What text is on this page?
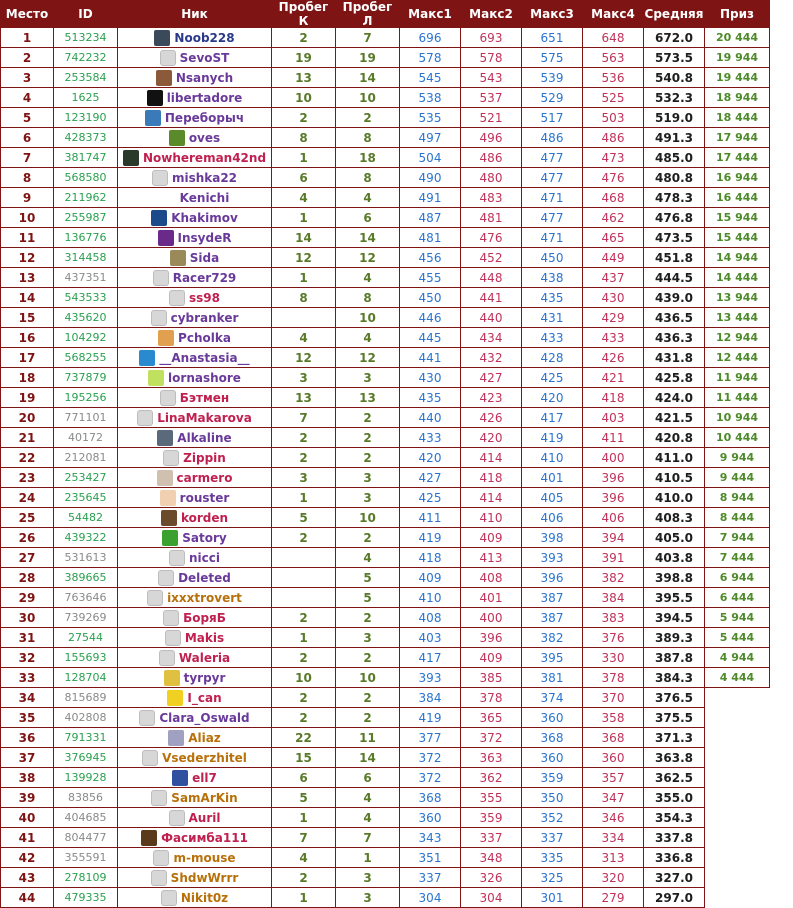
Место	ID	Ник	Пробег К	Пробег Л	Макс1	Макс2	Макс3	Макс4	Средняя	Приз
1	513234	Noob228	2	7	696	693	651	648	672.0	20 444
2	742232	SevoST	19	19	578	578	575	563	573.5	19 944
3	253584	Nsanych	13	14	545	543	539	536	540.8	19 444
4	1625	libertadore	10	10	538	537	529	525	532.3	18 944
5	123190	Переборыч	2	2	535	521	517	503	519.0	18 444
6	428373	oves	8	8	497	496	486	486	491.3	17 944
7	381747	Nowhereman42nd	1	18	504	486	477	473	485.0	17 444
8	568580	mishka22	6	8	490	480	477	476	480.8	16 944
9	211962	Kenichi	4	4	491	483	471	468	478.3	16 444
10	255987	Khakimov	1	6	487	481	477	462	476.8	15 944
11	136776	InsydeR	14	14	481	476	471	465	473.5	15 444
12	314458	Sida	12	12	456	452	450	449	451.8	14 944
13	437351	Racer729	1	4	455	448	438	437	444.5	14 444
14	543533	ss98	8	8	450	441	435	430	439.0	13 944
15	435620	cybranker		10	446	440	431	429	436.5	13 444
16	104292	Pcholka	4	4	445	434	433	433	436.3	12 944
17	568255	__Anastasia__	12	12	441	432	428	426	431.8	12 444
18	737879	lornashore	3	3	430	427	425	421	425.8	11 944
19	195256	Бэтмен	13	13	435	423	420	418	424.0	11 444
20	771101	LinaMakarova	7	2	440	426	417	403	421.5	10 944
21	40172	Alkaline	2	2	433	420	419	411	420.8	10 444
22	212081	Zippin	2	2	420	414	410	400	411.0	9 944
23	253427	carmero	3	3	427	418	401	396	410.5	9 444
24	235645	rouster	1	3	425	414	405	396	410.0	8 944
25	54482	korden	5	10	411	410	406	406	408.3	8 444
26	439322	Satory	2	2	419	409	398	394	405.0	7 944
27	531613	nicci		4	418	413	393	391	403.8	7 444
28	389665	Deleted		5	409	408	396	382	398.8	6 944
29	763646	ixxxtrovert		5	410	401	387	384	395.5	6 444
30	739269	БоряБ	2	2	408	400	387	383	394.5	5 944
31	27544	Makis	1	3	403	396	382	376	389.3	5 444
32	155693	Waleria	2	2	417	409	395	330	387.8	4 944
33	128704	tyrpyr	10	10	393	385	381	378	384.3	4 444
34	815689	I_can	2	2	384	378	374	370	376.5	
35	402808	Clara_Oswald	2	2	419	365	360	358	375.5	
36	791331	Aliaz	22	11	377	372	368	368	371.3	
37	376945	Vsederzhitel	15	14	372	363	360	360	363.8	
38	139928	ell7	6	6	372	362	359	357	362.5	
39	83856	SamArKin	5	4	368	355	350	347	355.0	
40	404685	Auril	1	4	360	359	352	346	354.3	
41	804477	Фасимба111	7	7	343	337	337	334	337.8	
42	355591	m-mouse	4	1	351	348	335	313	336.8	
43	278109	ShdwWrrr	2	3	337	326	325	320	327.0	
44	479335	Nikit0z	1	3	304	304	301	279	297.0	
